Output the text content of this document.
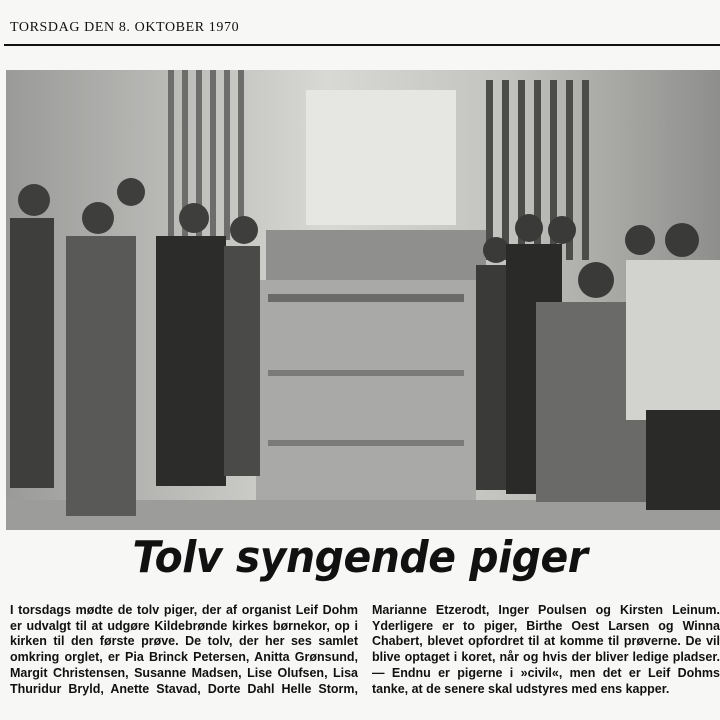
TORSDAG DEN 8. OKTOBER 1970
Tolv syngende piger

I torsdags mødte de tolv piger, der af organist Leif Dohm er udvalgt til at udgøre Kildebrønde kirkes børnekor, op i kirken til den første prøve. De tolv, der her ses samlet omkring orglet, er Pia Brinck Petersen, Anitta Grønsund, Margit Christensen, Susanne Madsen, Lise Olufsen, Lisa Thuridur Bryld, Anette Stavad, Dorte Dahl Helle Storm, Marianne Etzerodt, Inger Poulsen og Kirsten Leinum. Yderligere er to piger, Birthe Oest Larsen og Winna Chabert, blevet opfordret til at komme til prøverne. De vil blive optaget i koret, når og hvis der bliver ledige pladser. — Endnu er pigerne i »civil«, men det er Leif Dohms tanke, at de senere skal udstyres med ens kapper.
